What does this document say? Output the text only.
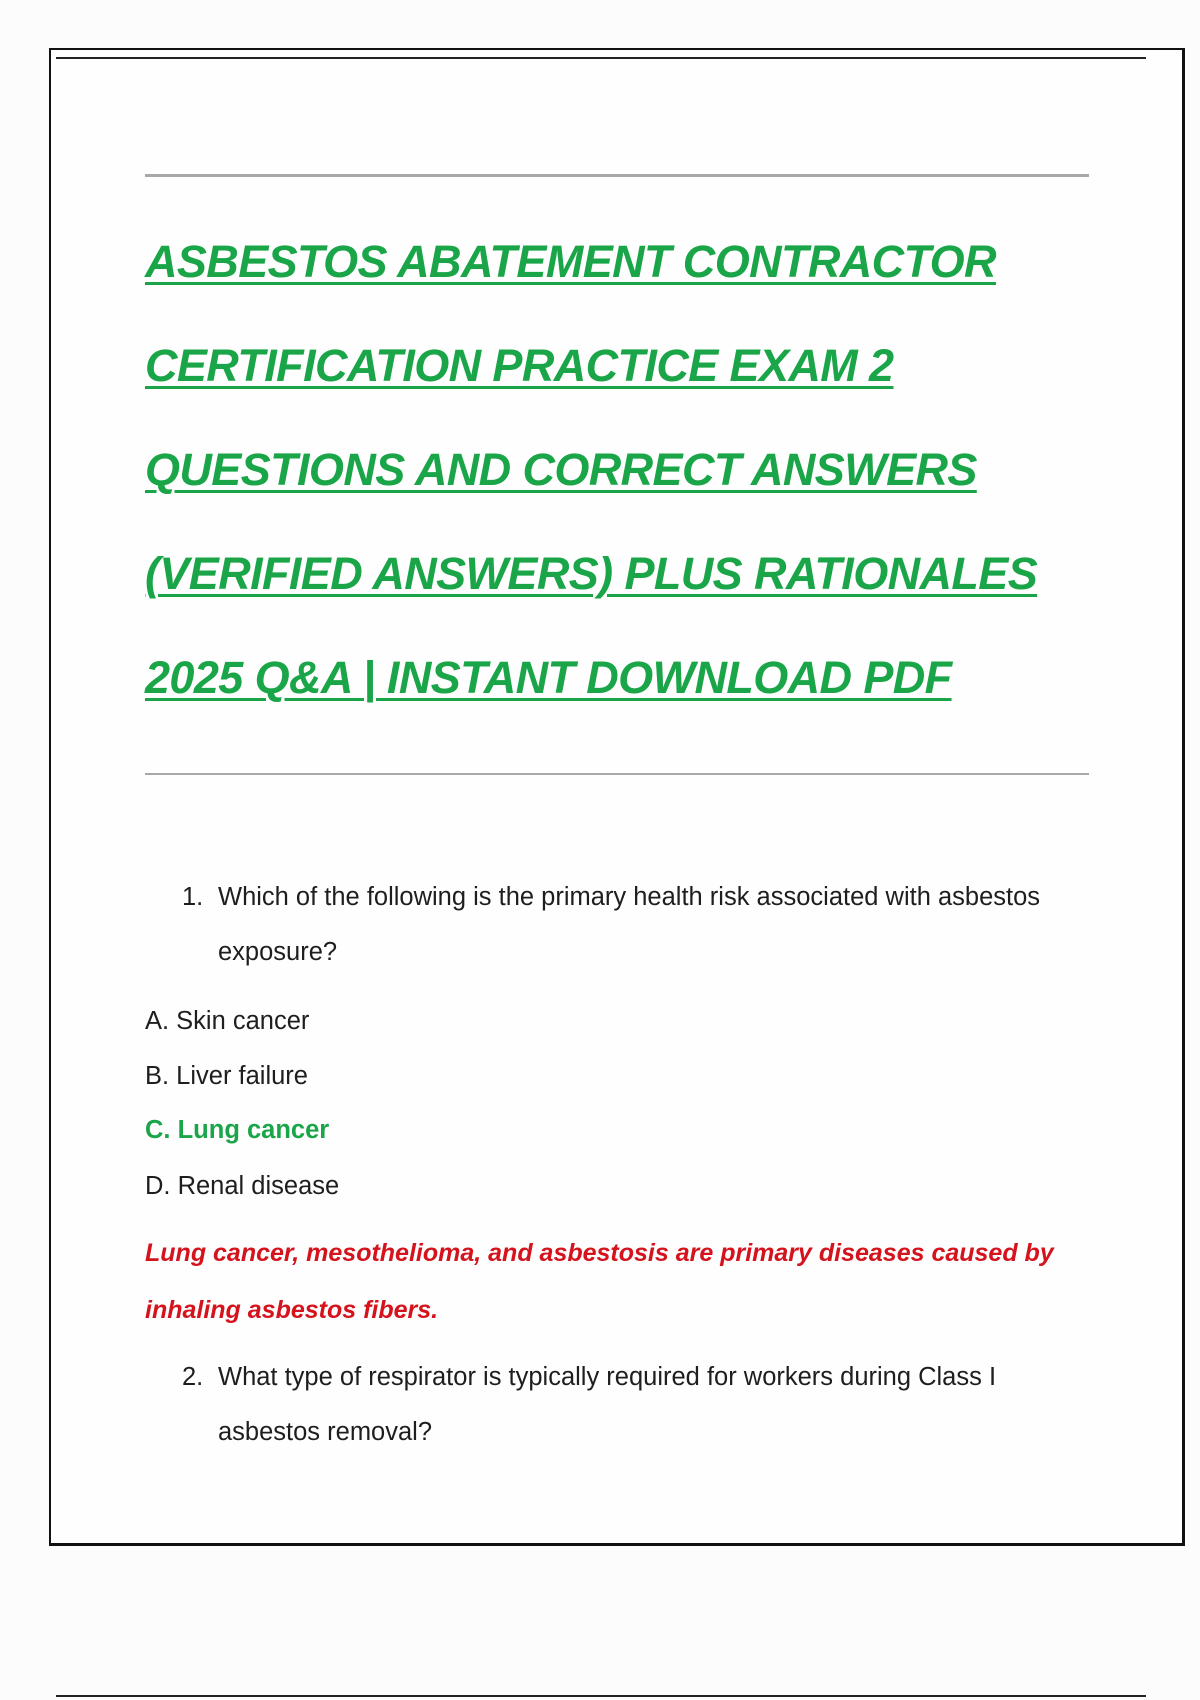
ASBESTOS ABATEMENT CONTRACTOR
CERTIFICATION PRACTICE EXAM 2
QUESTIONS AND CORRECT ANSWERS
(VERIFIED ANSWERS) PLUS RATIONALES
2025 Q&A | INSTANT DOWNLOAD PDF
1. Which of the following is the primary health risk associated with asbestos exposure?
A. Skin cancer
B. Liver failure
C. Lung cancer
D. Renal disease
Lung cancer, mesothelioma, and asbestosis are primary diseases caused by inhaling asbestos fibers.
2. What type of respirator is typically required for workers during Class I asbestos removal?
